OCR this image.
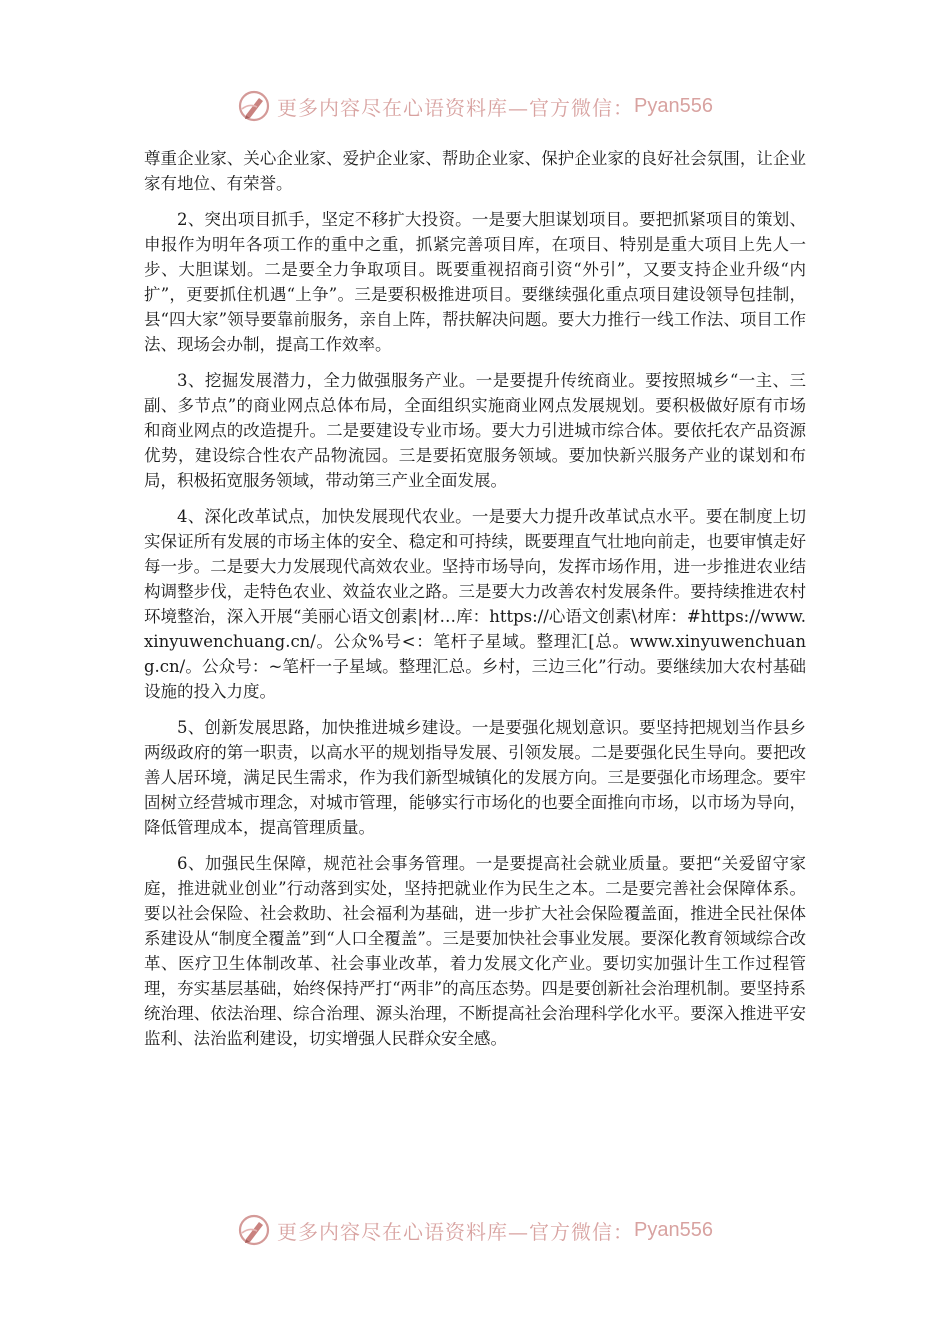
更多内容尽在心语资料库—官方微信： Pyan556

尊重企业家、关心企业家、爱护企业家、帮助企业家、保护企业家的良好社会氛围，让企业家有地位、有荣誉。

2、突出项目抓手，坚定不移扩大投资。一是要大胆谋划项目。要把抓紧项目的策划、申报作为明年各项工作的重中之重，抓紧完善项目库，在项目、特别是重大项目上先人一步、大胆谋划。二是要全力争取项目。既要重视招商引资“外引”，又要支持企业升级“内扩”，更要抓住机遇“上争”。三是要积极推进项目。要继续强化重点项目建设领导包挂制，县“四大家”领导要靠前服务，亲自上阵，帮扶解决问题。要大力推行一线工作法、项目工作法、现场会办制，提高工作效率。

3、挖掘发展潜力，全力做强服务产业。一是要提升传统商业。要按照城乡“一主、三副、多节点”的商业网点总体布局，全面组织实施商业网点发展规划。要积极做好原有市场和商业网点的改造提升。二是要建设专业市场。要大力引进城市综合体。要依托农产品资源优势，建设综合性农产品物流园。三是要拓宽服务领域。要加快新兴服务产业的谋划和布局，积极拓宽服务领域，带动第三产业全面发展。

4、深化改革试点，加快发展现代农业。一是要大力提升改革试点水平。要在制度上切实保证所有发展的市场主体的安全、稳定和可持续，既要理直气壮地向前走，也要审慎走好每一步。二是要大力发展现代高效农业。坚持市场导向，发挥市场作用，进一步推进农业结构调整步伐，走特色农业、效益农业之路。三是要大力改善农村发展条件。要持续推进农村环境整治，深入开展“美丽心语文创素|材…库：https://心语文创素\材库：#https://www.xinyuwenchuang.cn/。公众%号<：笔杆子星域。整理汇[总。www.xinyuwenchuang.cn/。公众号：~笔杆一子星域。整理汇总。乡村，三边三化”行动。要继续加大农村基础设施的投入力度。

5、创新发展思路，加快推进城乡建设。一是要强化规划意识。要坚持把规划当作县乡两级政府的第一职责，以高水平的规划指导发展、引领发展。二是要强化民生导向。要把改善人居环境，满足民生需求，作为我们新型城镇化的发展方向。三是要强化市场理念。要牢固树立经营城市理念，对城市管理，能够实行市场化的也要全面推向市场，以市场为导向，降低管理成本，提高管理质量。

6、加强民生保障，规范社会事务管理。一是要提高社会就业质量。要把“关爱留守家庭，推进就业创业”行动落到实处，坚持把就业作为民生之本。二是要完善社会保障体系。要以社会保险、社会救助、社会福利为基础，进一步扩大社会保险覆盖面，推进全民社保体系建设从“制度全覆盖”到“人口全覆盖”。三是要加快社会事业发展。要深化教育领域综合改革、医疗卫生体制改革、社会事业改革，着力发展文化产业。要切实加强计生工作过程管理，夯实基层基础，始终保持严打“两非”的高压态势。四是要创新社会治理机制。要坚持系统治理、依法治理、综合治理、源头治理，不断提高社会治理科学化水平。要深入推进平安监利、法治监利建设，切实增强人民群众安全感。

更多内容尽在心语资料库—官方微信： Pyan556
